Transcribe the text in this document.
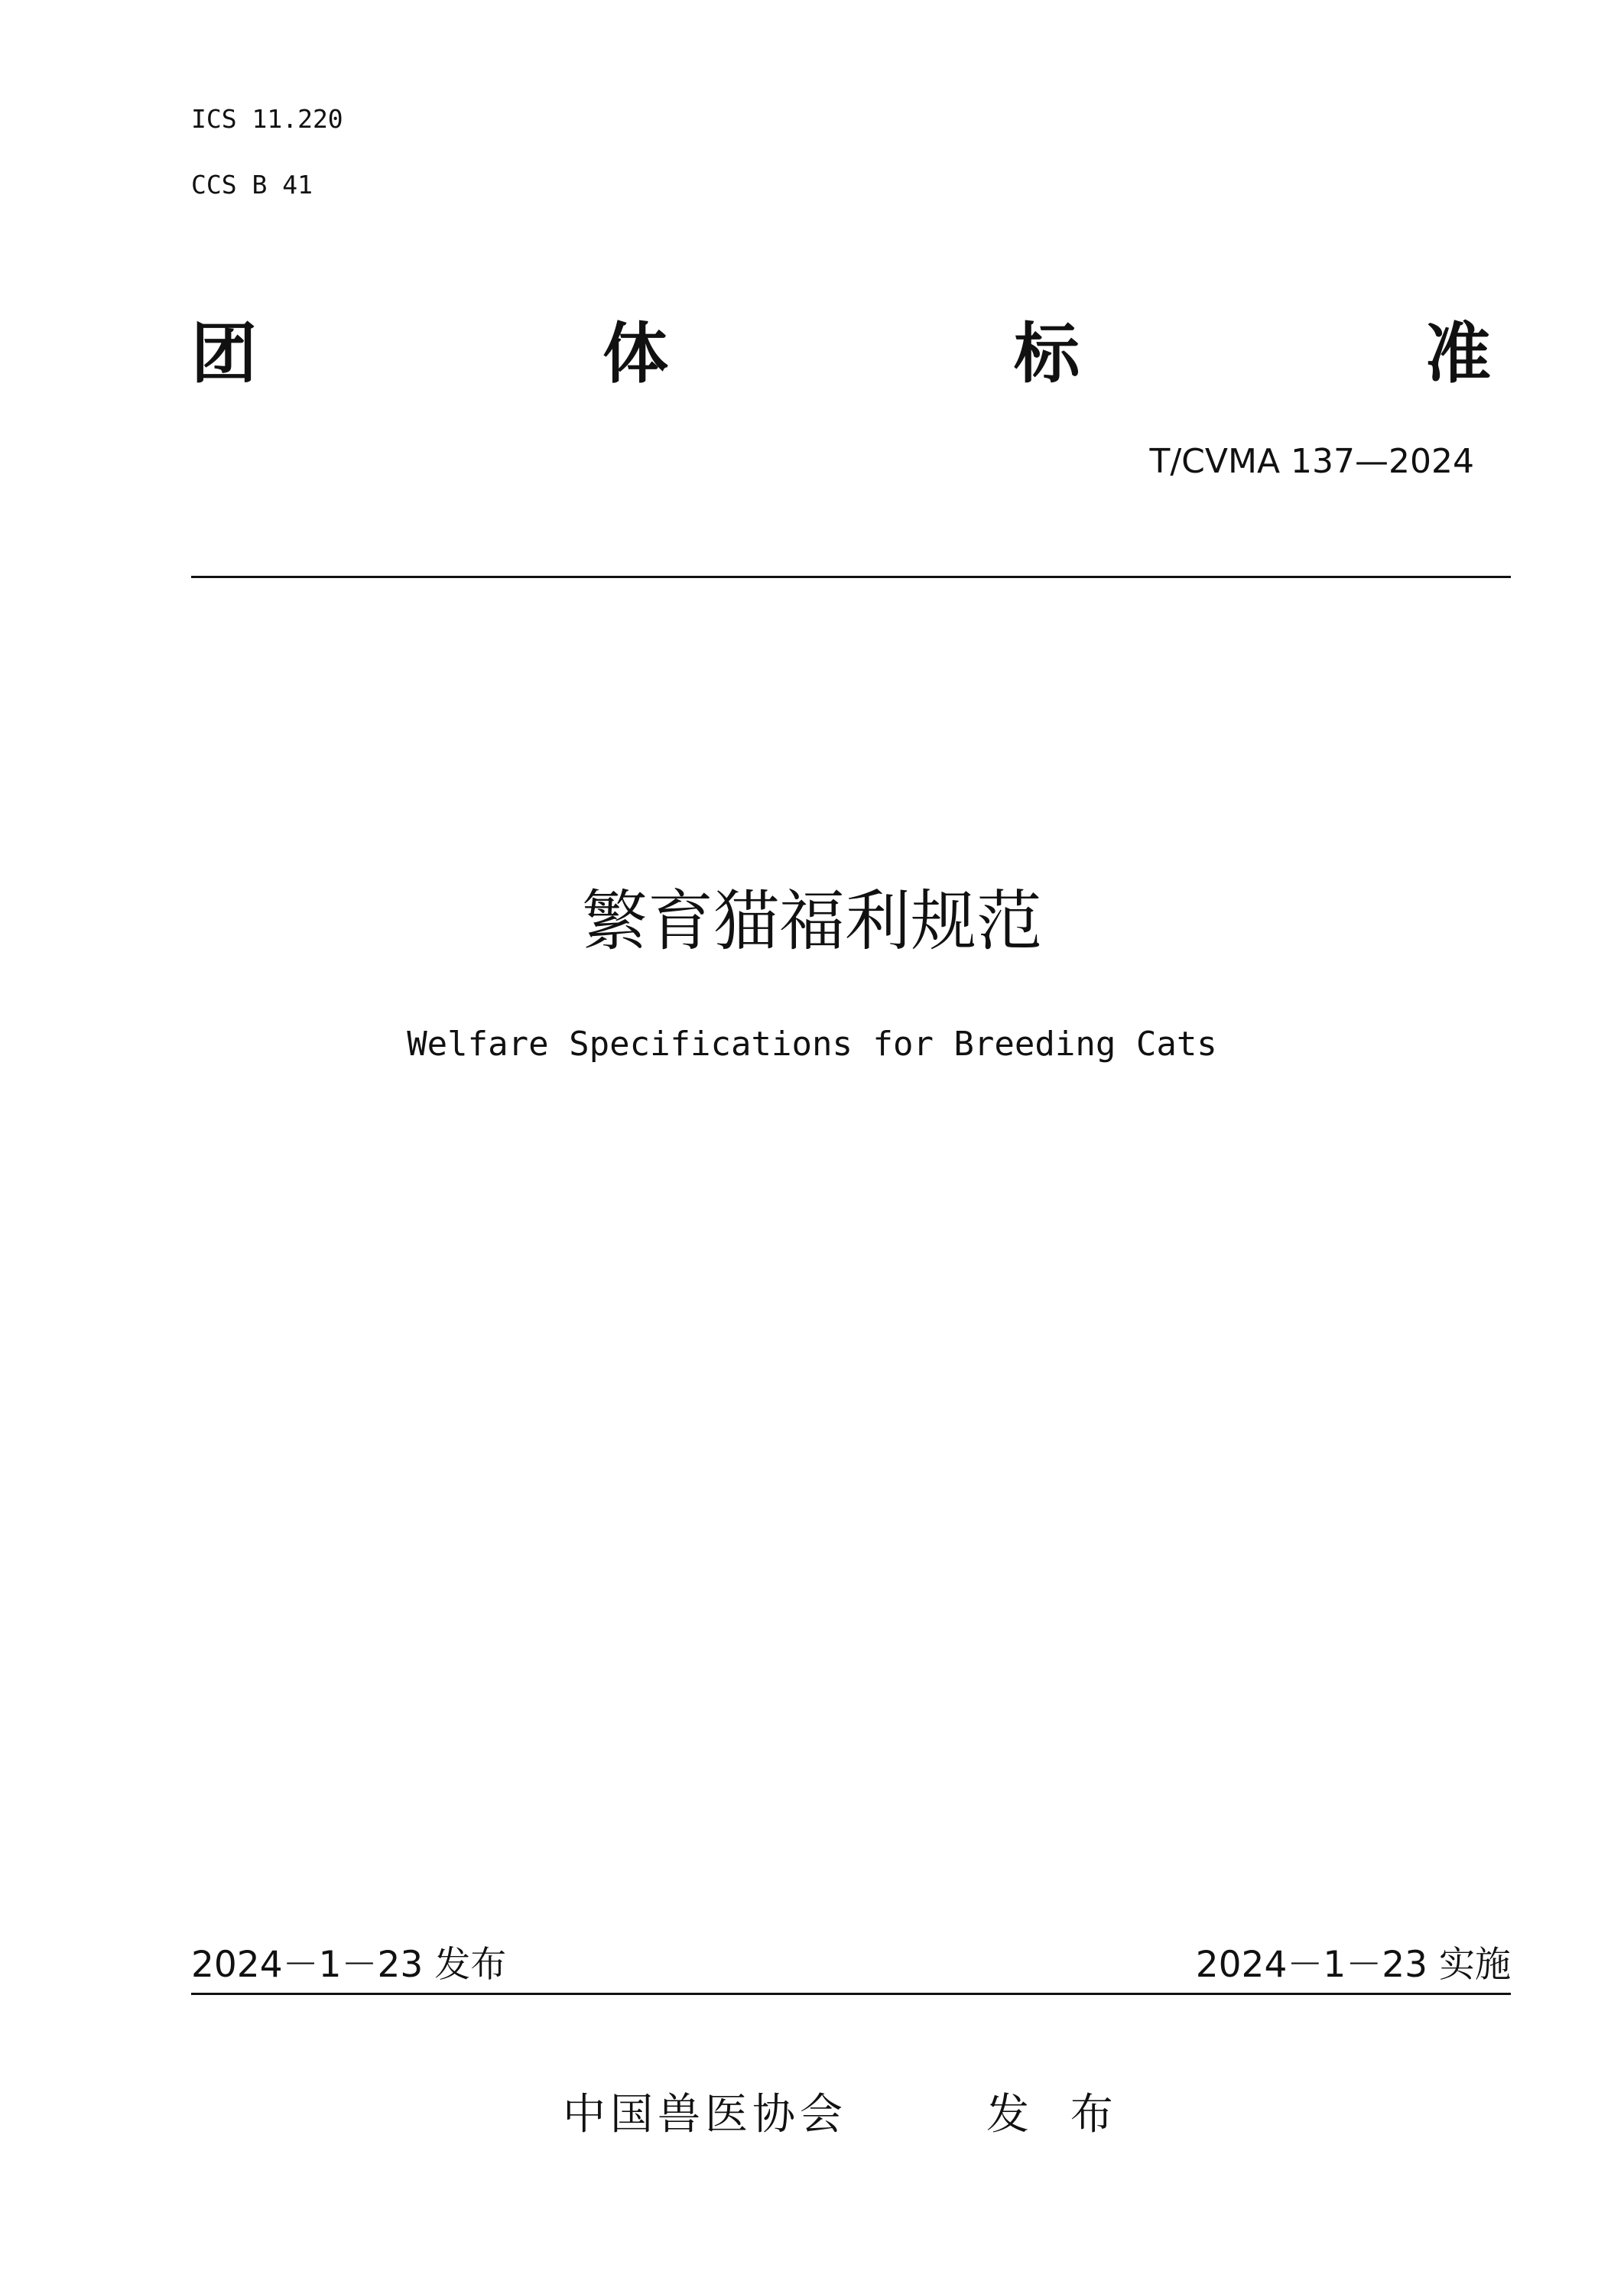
ICS 11.220
CCS B 41
团	体	标	准
T/CVMA 137—2024
繁育猫福利规范
Welfare Specifications for Breeding Cats
2024－1－23 发布	2024－1－23 实施
中国兽医协会	发 布
